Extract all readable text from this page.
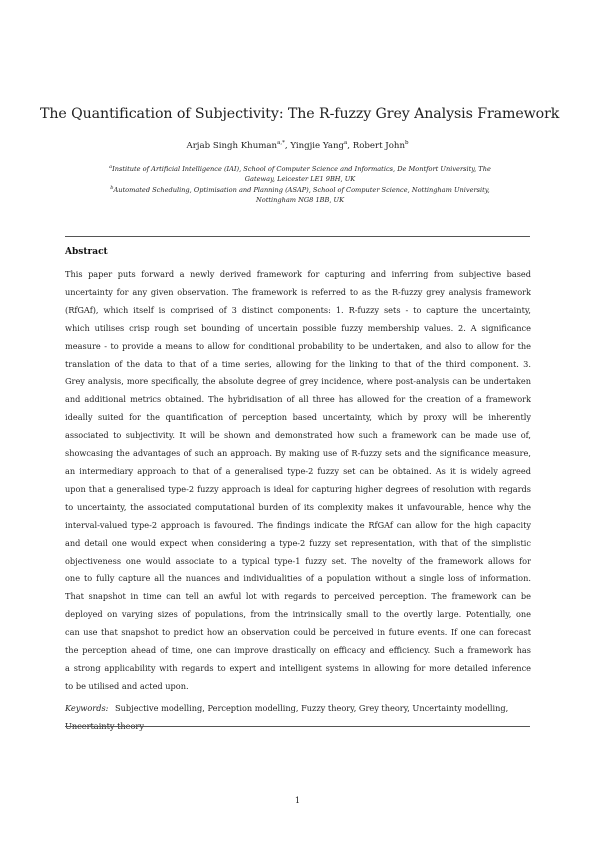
The Quantification of Subjectivity: The R-fuzzy Grey Analysis Framework
Arjab Singh Khuman$^{a,*}$, Yingjie Yang$^a$, Robert John$^b$

$^a$Institute of Artificial Intelligence (IAI), School of Computer Science and Informatics, De Montfort University, The

Gateway, Leicester LE1 9BH, UK

$^b$Automated Scheduling, Optimisation and Planning (ASAP), School of Computer Science, Nottingham University,

Nottingham NG8 1BB, UK

Abstract
This paper puts forward a newly derived framework for capturing and inferring from subjective based
uncertainty for any given observation. The framework is referred to as the R-fuzzy grey analysis framework
(RfGAf), which itself is comprised of 3 distinct components: 1. R-fuzzy sets - to capture the uncertainty,
which utilises crisp rough set bounding of uncertain possible fuzzy membership values. 2. A significance
measure - to provide a means to allow for conditional probability to be undertaken, and also to allow for the
translation of the data to that of a time series, allowing for the linking to that of the third component. 3.
Grey analysis, more specifically, the absolute degree of grey incidence, where post-analysis can be undertaken
and additional metrics obtained. The hybridisation of all three has allowed for the creation of a framework
ideally suited for the quantification of perception based uncertainty, which by proxy will be inherently
associated to subjectivity. It will be shown and demonstrated how such a framework can be made use of,
showcasing the advantages of such an approach. By making use of R-fuzzy sets and the significance measure,
an intermediary approach to that of a generalised type-2 fuzzy set can be obtained. As it is widely agreed
upon that a generalised type-2 fuzzy approach is ideal for capturing higher degrees of resolution with regards
to uncertainty, the associated computational burden of its complexity makes it unfavourable, hence why the
interval-valued type-2 approach is favoured. The findings indicate the RfGAf can allow for the high capacity
and detail one would expect when considering a type-2 fuzzy set representation, with that of the simplistic
objectiveness one would associate to a typical type-1 fuzzy set. The novelty of the framework allows for
one to fully capture all the nuances and individualities of a population without a single loss of information.
That snapshot in time can tell an awful lot with regards to perceived perception. The framework can be
deployed on varying sizes of populations, from the intrinsically small to the overtly large. Potentially, one
can use that snapshot to predict how an observation could be perceived in future events. If one can forecast
the perception ahead of time, one can improve drastically on efficacy and efficiency. Such a framework has
a strong applicability with regards to expert and intelligent systems in allowing for more detailed inference
to be utilised and acted upon.
Keywords: Subjective modelling, Perception modelling, Fuzzy theory, Grey theory, Uncertainty modelling, Uncertainty theory
1
